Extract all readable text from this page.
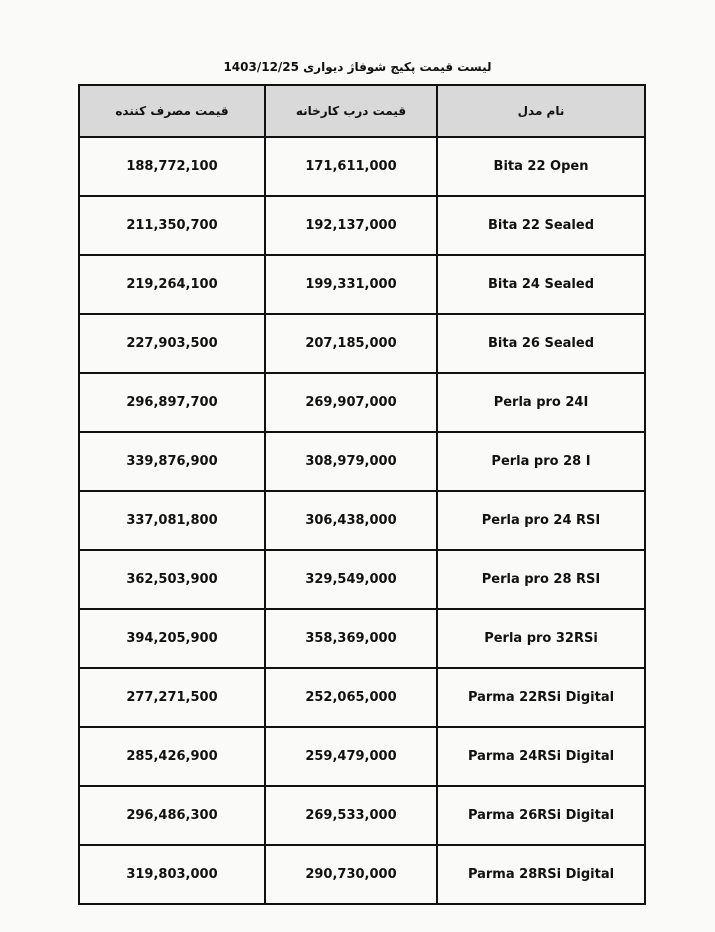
لیست قیمت پکیج شوفاژ دیواری 1403/12/25
قیمت مصرف کننده	قیمت درب کارخانه	نام مدل
188,772,100	171,611,000	Bita 22 Open
211,350,700	192,137,000	Bita 22 Sealed
219,264,100	199,331,000	Bita 24 Sealed
227,903,500	207,185,000	Bita 26 Sealed
296,897,700	269,907,000	Perla pro 24I
339,876,900	308,979,000	Perla pro 28 I
337,081,800	306,438,000	Perla pro 24 RSI
362,503,900	329,549,000	Perla pro 28 RSI
394,205,900	358,369,000	Perla pro 32RSi
277,271,500	252,065,000	Parma 22RSi Digital
285,426,900	259,479,000	Parma 24RSi Digital
296,486,300	269,533,000	Parma 26RSi Digital
319,803,000	290,730,000	Parma 28RSi Digital
